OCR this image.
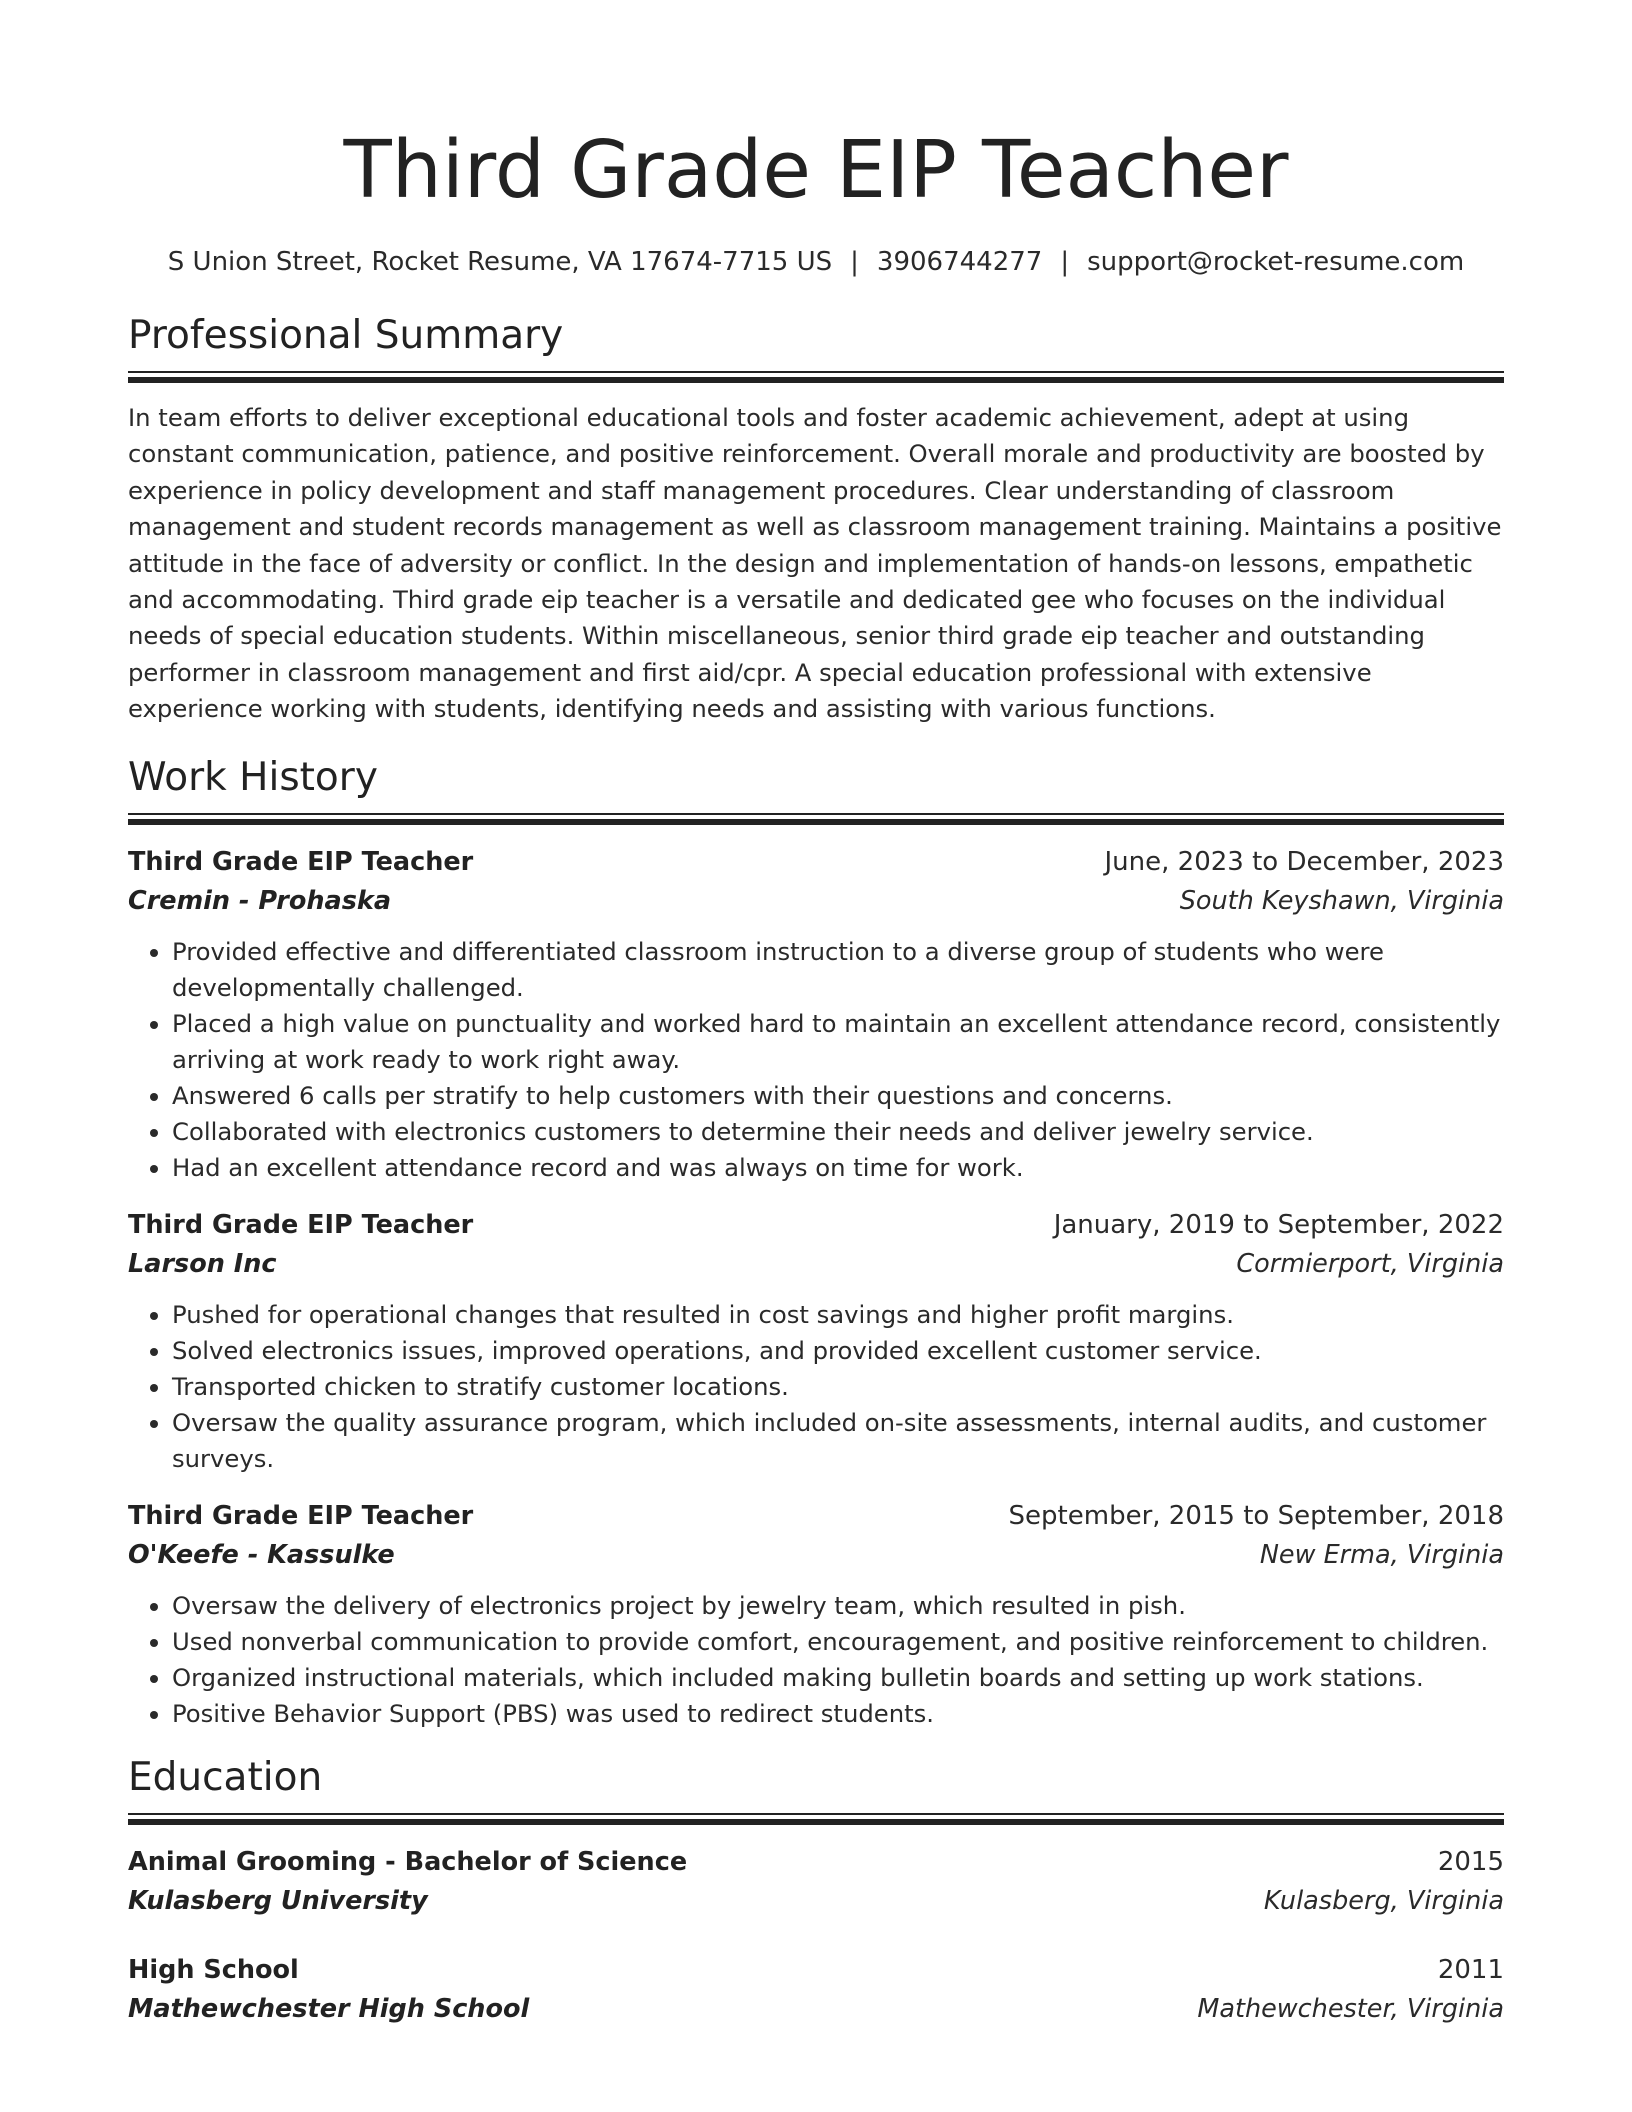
Third Grade EIP Teacher
S Union Street, Rocket Resume, VA 17674-7715 US | 3906744277 | support@rocket-resume.com
Professional Summary

In team efforts to deliver exceptional educational tools and foster academic achievement, adept at using constant communication, patience, and positive reinforcement. Overall morale and productivity are boosted by experience in policy development and staff management procedures. Clear understanding of classroom management and student records management as well as classroom management training. Maintains a positive attitude in the face of adversity or conflict. In the design and implementation of hands-on lessons, empathetic and accommodating. Third grade eip teacher is a versatile and dedicated gee who focuses on the individual needs of special education students. Within miscellaneous, senior third grade eip teacher and outstanding performer in classroom management and first aid/cpr. A special education professional with extensive experience working with students, identifying needs and assisting with various functions.

Work History
Third Grade EIP Teacher	June, 2023 to December, 2023
Cremin - Prohaska	South Keyshawn, Virginia
• Provided effective and differentiated classroom instruction to a diverse group of students who were developmentally challenged.
• Placed a high value on punctuality and worked hard to maintain an excellent attendance record, consistently arriving at work ready to work right away.
• Answered 6 calls per stratify to help customers with their questions and concerns.
• Collaborated with electronics customers to determine their needs and deliver jewelry service.
• Had an excellent attendance record and was always on time for work.
Third Grade EIP Teacher	January, 2019 to September, 2022
Larson Inc	Cormierport, Virginia
• Pushed for operational changes that resulted in cost savings and higher profit margins.
• Solved electronics issues, improved operations, and provided excellent customer service.
• Transported chicken to stratify customer locations.
• Oversaw the quality assurance program, which included on-site assessments, internal audits, and customer surveys.
Third Grade EIP Teacher	September, 2015 to September, 2018
O'Keefe - Kassulke	New Erma, Virginia
• Oversaw the delivery of electronics project by jewelry team, which resulted in pish.
• Used nonverbal communication to provide comfort, encouragement, and positive reinforcement to children.
• Organized instructional materials, which included making bulletin boards and setting up work stations.
• Positive Behavior Support (PBS) was used to redirect students.
Education
Animal Grooming - Bachelor of Science	2015
Kulasberg University	Kulasberg, Virginia
High School	2011
Mathewchester High School	Mathewchester, Virginia
